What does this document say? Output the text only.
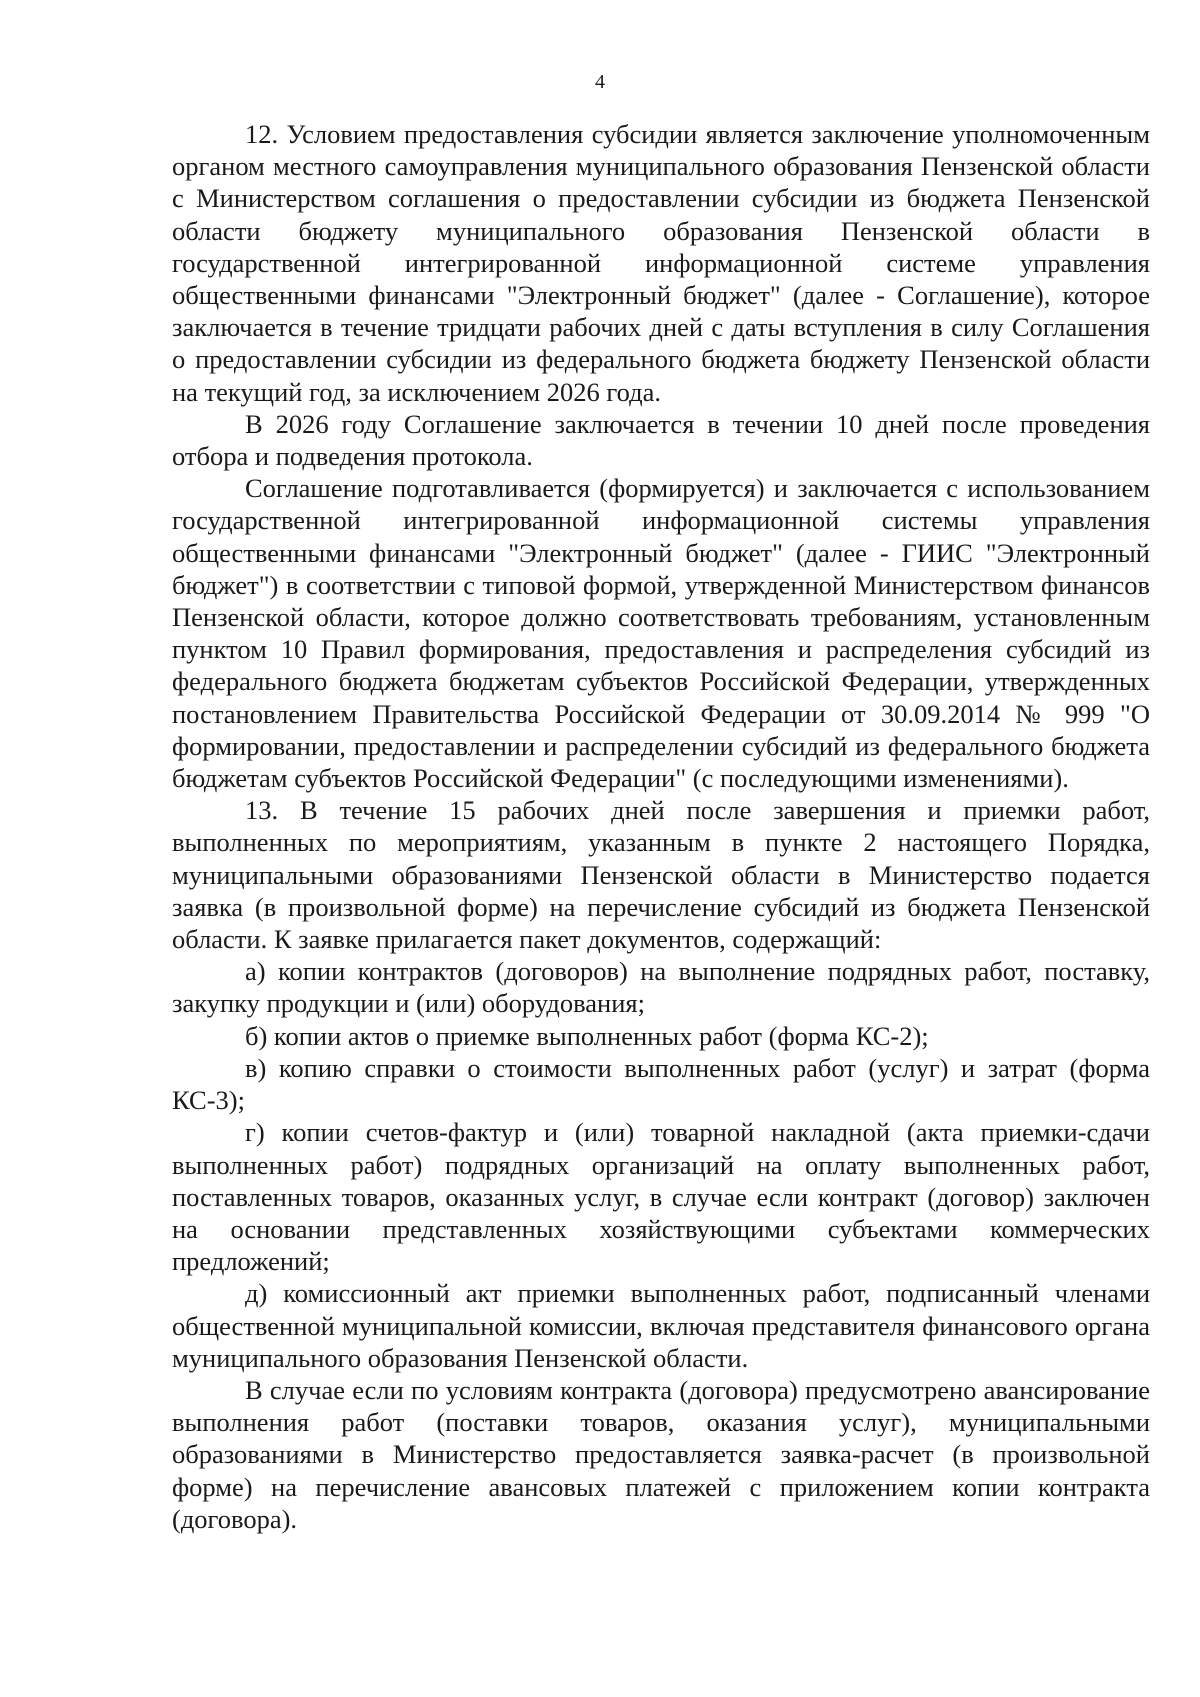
4

12. Условием предоставления субсидии является заключение уполномоченным органом местного самоуправления муниципального образования Пензенской области с Министерством соглашения о предоставлении субсидии из бюджета Пензенской области бюджету муниципального образования Пензенской области в государственной интегрированной информационной системе управления общественными финансами "Электронный бюджет" (далее - Соглашение), которое заключается в течение тридцати рабочих дней с даты вступления в силу Соглашения о предоставлении субсидии из федерального бюджета бюджету Пензенской области на текущий год, за исключением 2026 года.

В 2026 году Соглашение заключается в течении 10 дней после проведения отбора и подведения протокола.

Соглашение подготавливается (формируется) и заключается с использованием государственной интегрированной информационной системы управления общественными финансами "Электронный бюджет" (далее - ГИИС "Электронный бюджет") в соответствии с типовой формой, утвержденной Министерством финансов Пензенской области, которое должно соответствовать требованиям, установленным пунктом 10 Правил формирования, предоставления и распределения субсидий из федерального бюджета бюджетам субъектов Российской Федерации, утвержденных постановлением Правительства Российской Федерации от 30.09.2014 № 999 "О формировании, предоставлении и распределении субсидий из федерального бюджета бюджетам субъектов Российской Федерации" (с последующими изменениями).

13. В течение 15 рабочих дней после завершения и приемки работ, выполненных по мероприятиям, указанным в пункте 2 настоящего Порядка, муниципальными образованиями Пензенской области в Министерство подается заявка (в произвольной форме) на перечисление субсидий из бюджета Пензенской области. К заявке прилагается пакет документов, содержащий:

а) копии контрактов (договоров) на выполнение подрядных работ, поставку, закупку продукции и (или) оборудования;

б) копии актов о приемке выполненных работ (форма КС-2);

в) копию справки о стоимости выполненных работ (услуг) и затрат (форма КС-3);

г) копии счетов-фактур и (или) товарной накладной (акта приемки-сдачи выполненных работ) подрядных организаций на оплату выполненных работ, поставленных товаров, оказанных услуг, в случае если контракт (договор) заключен на основании представленных хозяйствующими субъектами коммерческих предложений;

д) комиссионный акт приемки выполненных работ, подписанный членами общественной муниципальной комиссии, включая представителя финансового органа муниципального образования Пензенской области.

В случае если по условиям контракта (договора) предусмотрено авансирование выполнения работ (поставки товаров, оказания услуг), муниципальными образованиями в Министерство предоставляется заявка-расчет (в произвольной форме) на перечисление авансовых платежей с приложением копии контракта (договора).
